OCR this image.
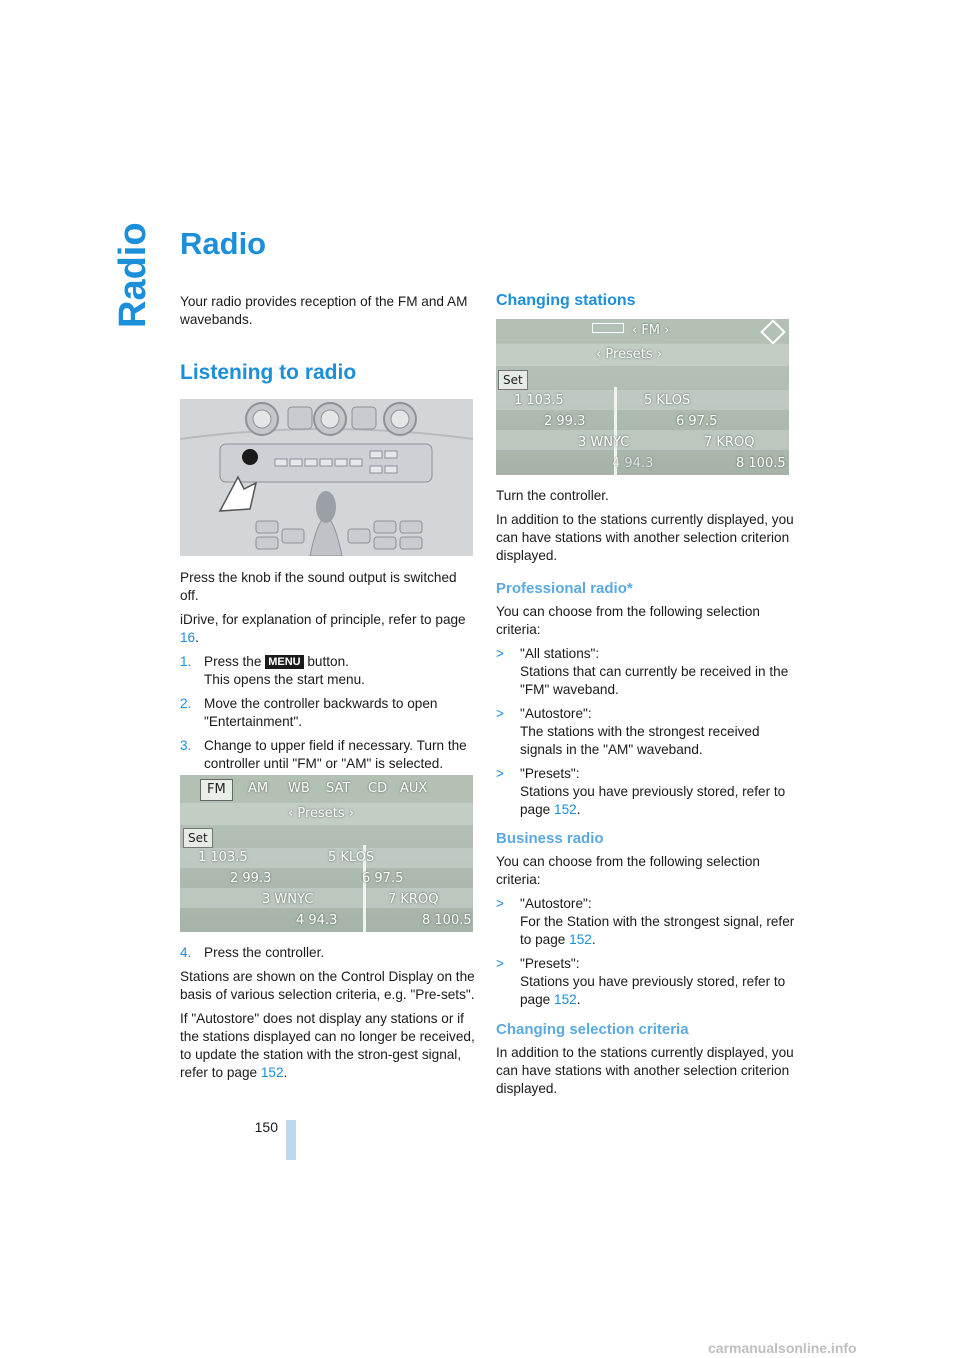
Radio Radio

Your radio provides reception of the FM and AM wavebands.

Listening to radio

Press the knob if the sound output is switched off.

iDrive, for explanation of principle, refer to page 16.

1. Press the MENU button.
This opens the start menu.
2. Move the controller backwards to open "Entertainment".
3. Change to upper field if necessary. Turn the controller until "FM" or "AM" is selected.
FM	AM WB SAT CD AUX
‹ Presets ›
Set
1 103.5
2 99.3
3 WNYC
4 94.3
5 KLOS
6 97.5
7 KROQ
8 100.5
4. Press the controller.

Stations are shown on the Control Display on the basis of various selection criteria, e.g. "Pre-sets".

If "Autostore" does not display any stations or if the stations displayed can no longer be received, to update the station with the stron-gest signal, refer to page 152.

150
Changing stations
‹ FM ›
‹ Presets ›
Set
1 103.5
2 99.3
3 WNYC
4 94.3
5 KLOS
6 97.5
7 KROQ
8 100.5

Turn the controller.

In addition to the stations currently displayed, you can have stations with another selection criterion displayed.

Professional radio*

You can choose from the following selection criteria:

> "All stations":
Stations that can currently be received in the "FM" waveband.
> "Autostore":
The stations with the strongest received signals in the "AM" waveband.
> "Presets":
Stations you have previously stored, refer to page 152.
Business radio

You can choose from the following selection criteria:

> "Autostore":
For the Station with the strongest signal, refer to page 152.
> "Presets":
Stations you have previously stored, refer to page 152.
Changing selection criteria

In addition to the stations currently displayed, you can have stations with another selection criterion displayed.

carmanualsonline.info
